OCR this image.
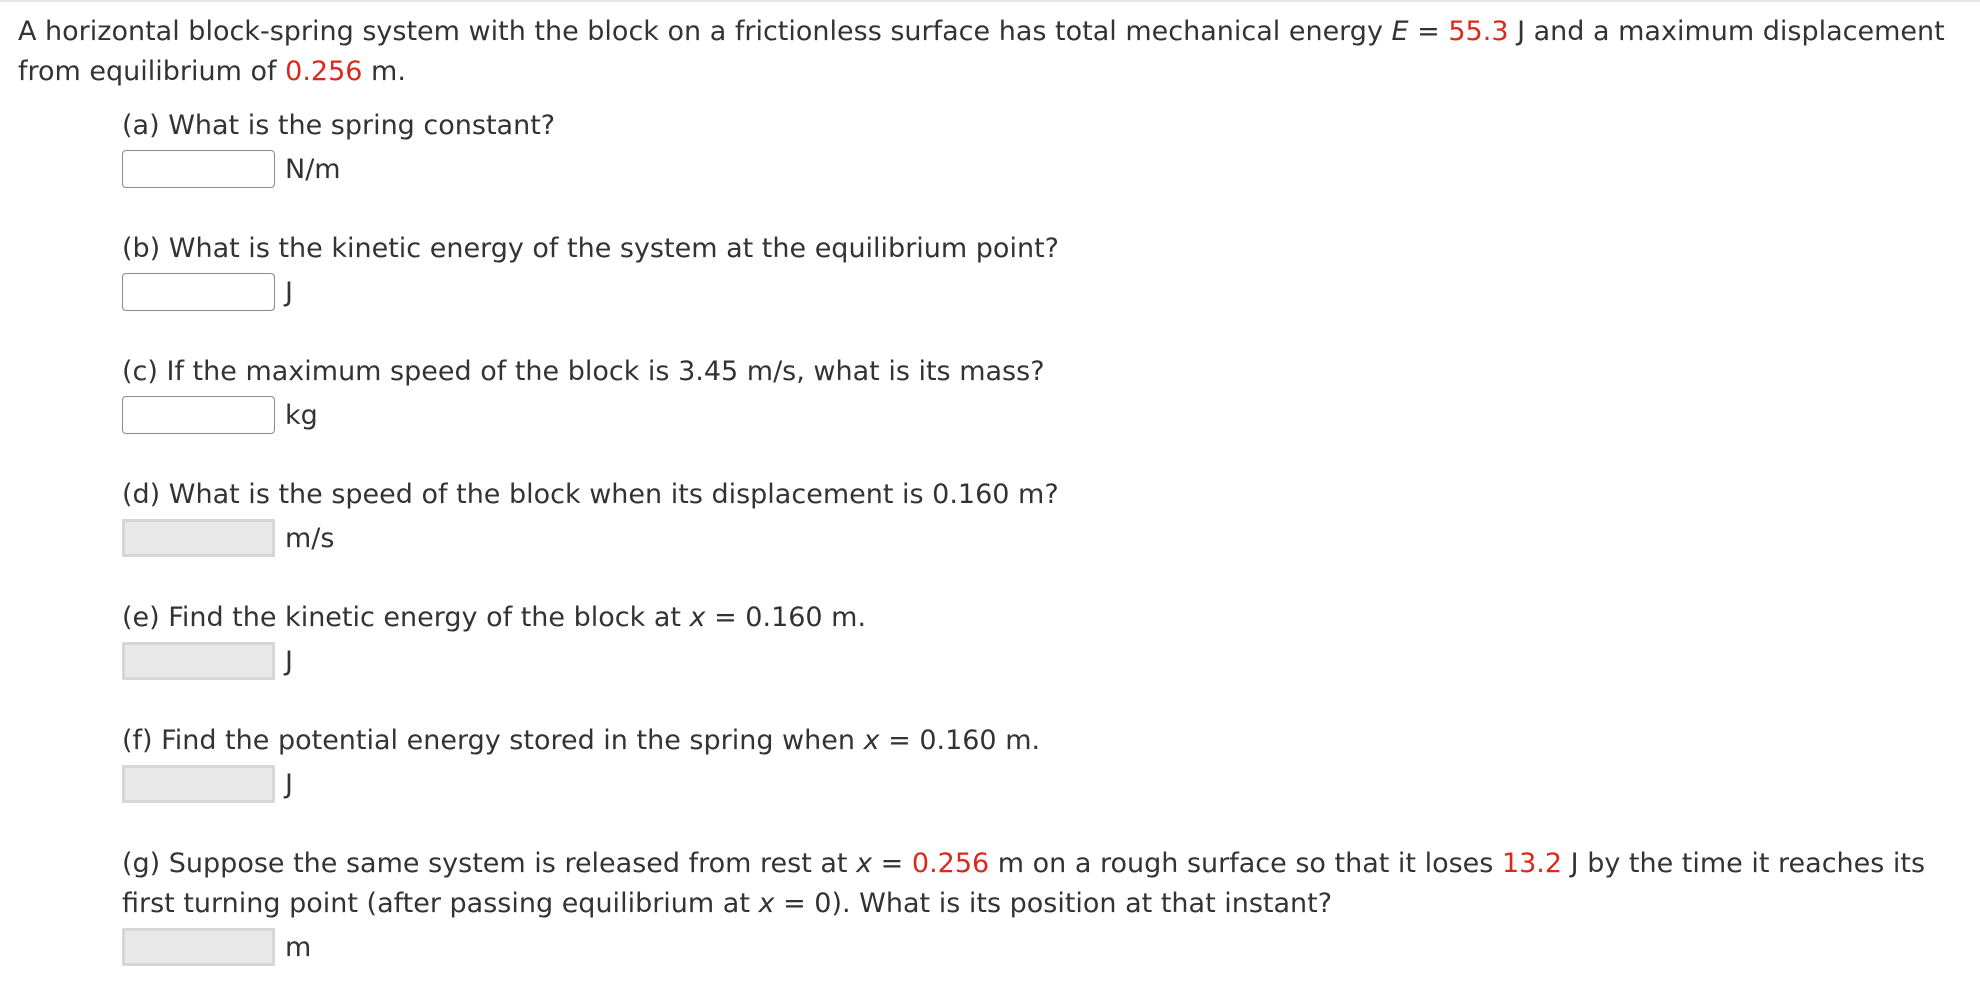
A horizontal block-spring system with the block on a frictionless surface has total mechanical energy E = 55.3 J and a maximum displacement from equilibrium of 0.256 m.

(a) What is the spring constant?

N/m

(b) What is the kinetic energy of the system at the equilibrium point?

J

(c) If the maximum speed of the block is 3.45 m/s, what is its mass?

kg

(d) What is the speed of the block when its displacement is 0.160 m?

m/s

(e) Find the kinetic energy of the block at x = 0.160 m.

J

(f) Find the potential energy stored in the spring when x = 0.160 m.

J

(g) Suppose the same system is released from rest at x = 0.256 m on a rough surface so that it loses 13.2 J by the time it reaches its first turning point (after passing equilibrium at x = 0). What is its position at that instant?

m
